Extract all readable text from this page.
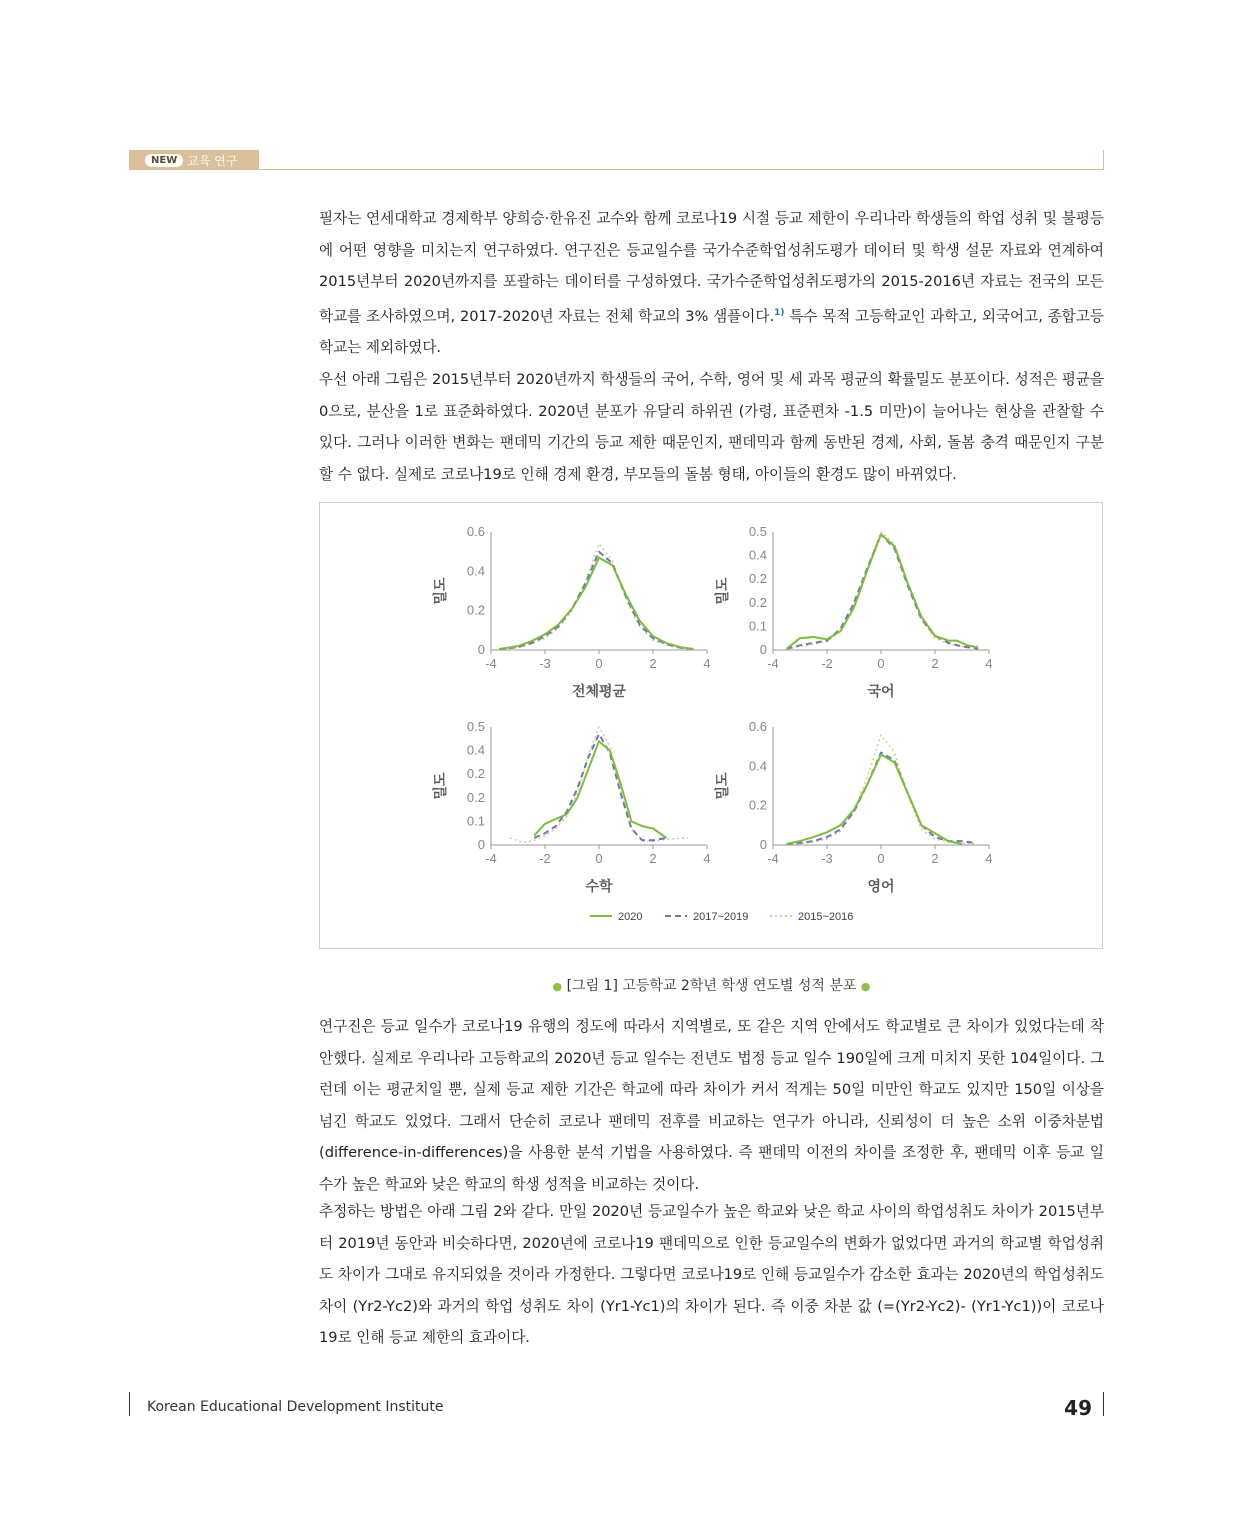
NEW 교육 연구

필자는 연세대학교 경제학부 양희승·한유진 교수와 함께 코로나19 시절 등교 제한이 우리나라 학생들의 학업 성취 및 불평등에 어떤 영향을 미치는지 연구하였다. 연구진은 등교일수를 국가수준학업성취도평가 데이터 및 학생 설문 자료와 연계하여 2015년부터 2020년까지를 포괄하는 데이터를 구성하였다. 국가수준학업성취도평가의 2015-2016년 자료는 전국의 모든 학교를 조사하였으며, 2017-2020년 자료는 전체 학교의 3% 샘플이다.$^{1)}$ 특수 목적 고등학교인 과학고, 외국어고, 종합고등학교는 제외하였다.

우선 아래 그림은 2015년부터 2020년까지 학생들의 국어, 수학, 영어 및 세 과목 평균의 확률밀도 분포이다. 성적은 평균을 0으로, 분산을 1로 표준화하였다. 2020년 분포가 유달리 하위권 (가령, 표준편차 -1.5 미만)이 늘어나는 현상을 관찰할 수 있다. 그러나 이러한 변화는 팬데믹 기간의 등교 제한 때문인지, 팬데믹과 함께 동반된 경제, 사회, 돌봄 충격 때문인지 구분할 수 없다. 실제로 코로나19로 인해 경제 환경, 부모들의 돌봄 형태, 아이들의 환경도 많이 바뀌었다.

0
0.2
0.4
0.6
-4	-3	0	2	4
밀도
전체평균
0
0.1
0.2
0.2
0.4
0.5
-4	-2	0	2	4
밀도
국어
0
0.1
0.2
0.2
0.4
0.5
-4	-2	0	2	4
밀도
수학
0
0.2
0.4
0.6
-4	-3	0	2	4
밀도
영어
2020	2017~2019	2015~2016
● [그림 1] 고등학교 2학년 학생 연도별 성적 분포 ●

연구진은 등교 일수가 코로나19 유행의 정도에 따라서 지역별로, 또 같은 지역 안에서도 학교별로 큰 차이가 있었다는데 착안했다. 실제로 우리나라 고등학교의 2020년 등교 일수는 전년도 법정 등교 일수 190일에 크게 미치지 못한 104일이다. 그런데 이는 평균치일 뿐, 실제 등교 제한 기간은 학교에 따라 차이가 커서 적게는 50일 미만인 학교도 있지만 150일 이상을 넘긴 학교도 있었다. 그래서 단순히 코로나 팬데믹 전후를 비교하는 연구가 아니라, 신뢰성이 더 높은 소위 이중차분법 (difference-in-differences)을 사용한 분석 기법을 사용하였다. 즉 팬데믹 이전의 차이를 조정한 후, 팬데믹 이후 등교 일수가 높은 학교와 낮은 학교의 학생 성적을 비교하는 것이다.

추정하는 방법은 아래 그림 2와 같다. 만일 2020년 등교일수가 높은 학교와 낮은 학교 사이의 학업성취도 차이가 2015년부터 2019년 동안과 비슷하다면, 2020년에 코로나19 팬데믹으로 인한 등교일수의 변화가 없었다면 과거의 학교별 학업성취도 차이가 그대로 유지되었을 것이라 가정한다. 그렇다면 코로나19로 인해 등교일수가 감소한 효과는 2020년의 학업성취도 차이 (Yr2-Yc2)와 과거의 학업 성취도 차이 (Yr1-Yc1)의 차이가 된다. 즉 이중 차분 값 (=(Yr2-Yc2)- (Yr1-Yc1))이 코로나19로 인해 등교 제한의 효과이다.

Korean Educational Development Institute	49
